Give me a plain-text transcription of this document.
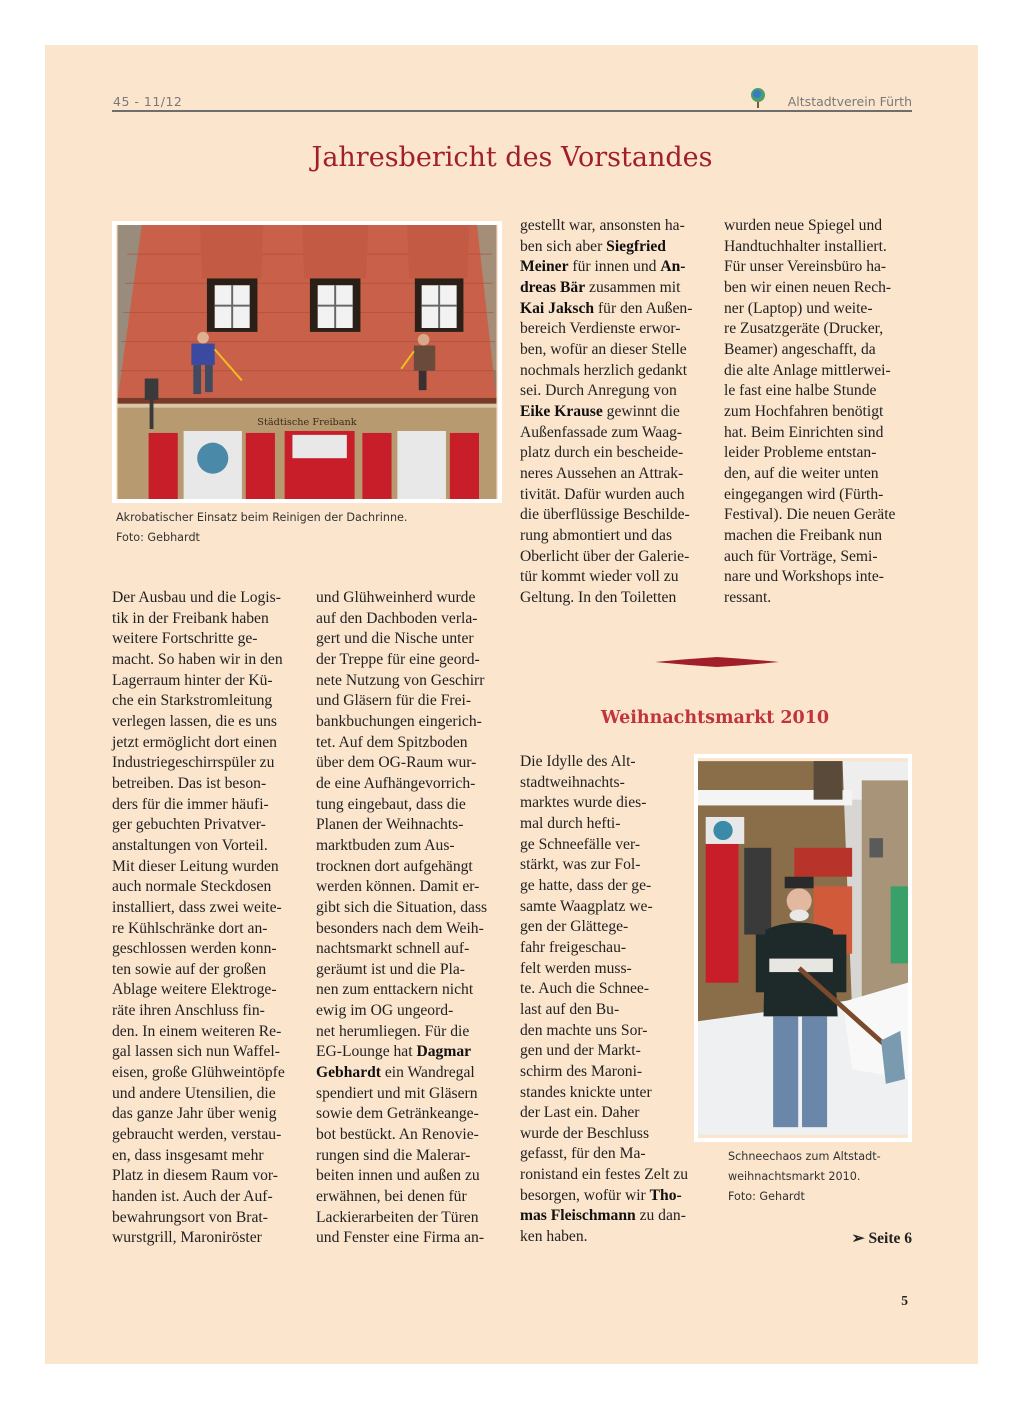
45 - 11/12	Altstadtverein Fürth
Jahresbericht des Vorstandes
Städtische Freibank
Akrobatischer Einsatz beim Reinigen der Dachrinne.
Foto: Gebhardt
Der Ausbau und die Logis-
tik in der Freibank haben
weitere Fortschritte ge-
macht. So haben wir in den
Lagerraum hinter der Kü-
che ein Starkstromleitung
verlegen lassen, die es uns
jetzt ermöglicht dort einen
Industriegeschirrspüler zu
betreiben. Das ist beson-
ders für die immer häufi-
ger gebuchten Privatver-
anstaltungen von Vorteil.
Mit dieser Leitung wurden
auch normale Steckdosen
installiert, dass zwei weite-
re Kühlschränke dort an-
geschlossen werden konn-
ten sowie auf der großen
Ablage weitere Elektroge-
räte ihren Anschluss fin-
den. In einem weiteren Re-
gal lassen sich nun Waffel-
eisen, große Glühweintöpfe
und andere Utensilien, die
das ganze Jahr über wenig
gebraucht werden, verstau-
en, dass insgesamt mehr
Platz in diesem Raum vor-
handen ist. Auch der Auf-
bewahrungsort von Brat-
wurstgrill, Maroniröster
und Glühweinherd wurde
auf den Dachboden verla-
gert und die Nische unter
der Treppe für eine geord-
nete Nutzung von Geschirr
und Gläsern für die Frei-
bankbuchungen eingerich-
tet. Auf dem Spitzboden
über dem OG-Raum wur-
de eine Aufhängevorrich-
tung eingebaut, dass die
Planen der Weihnachts-
marktbuden zum Aus-
trocknen dort aufgehängt
werden können. Damit er-
gibt sich die Situation, dass
besonders nach dem Weih-
nachtsmarkt schnell auf-
geräumt ist und die Pla-
nen zum enttackern nicht
ewig im OG ungeord-
net herumliegen. Für die
EG-Lounge hat Dagmar
Gebhardt ein Wandregal
spendiert und mit Gläsern
sowie dem Getränkeange-
bot bestückt. An Renovie-
rungen sind die Malerar-
beiten innen und außen zu
erwähnen, bei denen für
Lackierarbeiten der Türen
und Fenster eine Firma an-
gestellt war, ansonsten ha-
ben sich aber Siegfried
Meiner für innen und An-
dreas Bär zusammen mit
Kai Jaksch für den Außen-
bereich Verdienste erwor-
ben, wofür an dieser Stelle
nochmals herzlich gedankt
sei. Durch Anregung von
Eike Krause gewinnt die
Außenfassade zum Waag-
platz durch ein bescheide-
neres Aussehen an Attrak-
tivität. Dafür wurden auch
die überflüssige Beschilde-
rung abmontiert und das
Oberlicht über der Galerie-
tür kommt wieder voll zu
Geltung. In den Toiletten
wurden neue Spiegel und
Handtuchhalter installiert.
Für unser Vereinsbüro ha-
ben wir einen neuen Rech-
ner (Laptop) und weite-
re Zusatzgeräte (Drucker,
Beamer) angeschafft, da
die alte Anlage mittlerwei-
le fast eine halbe Stunde
zum Hochfahren benötigt
hat. Beim Einrichten sind
leider Probleme entstan-
den, auf die weiter unten
eingegangen wird (Fürth-
Festival). Die neuen Geräte
machen die Freibank nun
auch für Vorträge, Semi-
nare und Workshops inte-
ressant.
Weihnachtsmarkt 2010
Die Idylle des Alt-
stadtweihnachts-
marktes wurde dies-
mal durch hefti-
ge Schneefälle ver-
stärkt, was zur Fol-
ge hatte, dass der ge-
samte Waagplatz we-
gen der Glättege-
fahr freigeschau-
felt werden muss-
te. Auch die Schnee-
last auf den Bu-
den machte uns Sor-
gen und der Markt-
schirm des Maroni-
standes knickte unter
der Last ein. Daher
wurde der Beschluss
gefasst, für den Ma-
ronistand ein festes Zelt zu
besorgen, wofür wir Tho-
mas Fleischmann zu dan-
ken haben.
Schneechaos zum Altstadt-
weihnachtsmarkt 2010.
Foto: Gehardt
➢ Seite 6
5
